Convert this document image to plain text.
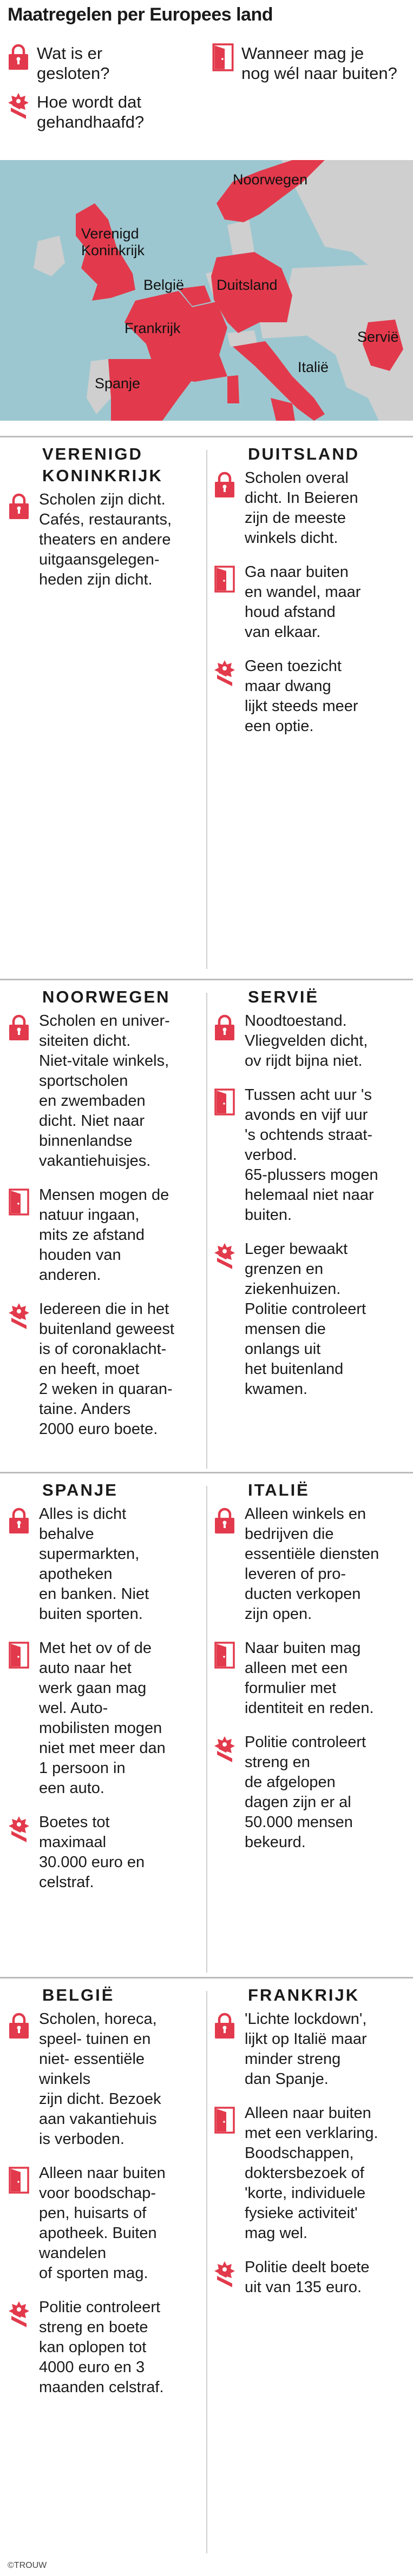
Maatregelen per Europees land
Wat is er
gesloten?
Wanneer mag je
nog wél naar buiten?
Hoe wordt dat
gehandhaafd?
Noorwegen
Verenigd
Koninkrijk
België Duitsland
Frankrijk
Servië
Italië
Spanje
VERENIGD
KONINKRIJK
Scholen zijn dicht.
Cafés, restaurants,
theaters en andere
uitgaansgelegen-
heden zijn dicht.
DUITSLAND
Scholen overal
dicht. In Beieren
zijn de meeste
winkels dicht.
Ga naar buiten
en wandel, maar
houd afstand
van elkaar.
Geen toezicht
maar dwang
lijkt steeds meer
een optie.
NOORWEGEN
Scholen en univer-
siteiten dicht.
Niet-vitale winkels,
sportscholen
en zwembaden
dicht. Niet naar
binnenlandse
vakantiehuisjes.
Mensen mogen de
natuur ingaan,
mits ze afstand
houden van
anderen.
Iedereen die in het
buitenland geweest
is of coronaklacht-
en heeft, moet
2 weken in quaran-
taine. Anders
2000 euro boete.
SERVIË
Noodtoestand.
Vliegvelden dicht,
ov rijdt bijna niet.
Tussen acht uur 's
avonds en vijf uur
's ochtends straat-
verbod.
65-plussers mogen
helemaal niet naar
buiten.
Leger bewaakt
grenzen en
ziekenhuizen.
Politie controleert
mensen die
onlangs uit
het buitenland
kwamen.
SPANJE
Alles is dicht
behalve
supermarkten,
apotheken
en banken. Niet
buiten sporten.
Met het ov of de
auto naar het
werk gaan mag
wel. Auto-
mobilisten mogen
niet met meer dan
1 persoon in
een auto.
Boetes tot
maximaal
30.000 euro en
celstraf.
ITALIË
Alleen winkels en
bedrijven die
essentiële diensten
leveren of pro-
ducten verkopen
zijn open.
Naar buiten mag
alleen met een
formulier met
identiteit en reden.
Politie controleert
streng en
de afgelopen
dagen zijn er al
50.000 mensen
bekeurd.
BELGIË
Scholen, horeca,
speel- tuinen en
niet- essentiële
winkels
zijn dicht. Bezoek
aan vakantiehuis
is verboden.
Alleen naar buiten
voor boodschap-
pen, huisarts of
apotheek. Buiten
wandelen
of sporten mag.
Politie controleert
streng en boete
kan oplopen tot
4000 euro en 3
maanden celstraf.
FRANKRIJK
'Lichte lockdown',
lijkt op Italië maar
minder streng
dan Spanje.
Alleen naar buiten
met een verklaring.
Boodschappen,
doktersbezoek of
'korte, individuele
fysieke activiteit'
mag wel.
Politie deelt boete
uit van 135 euro.
©TROUW
